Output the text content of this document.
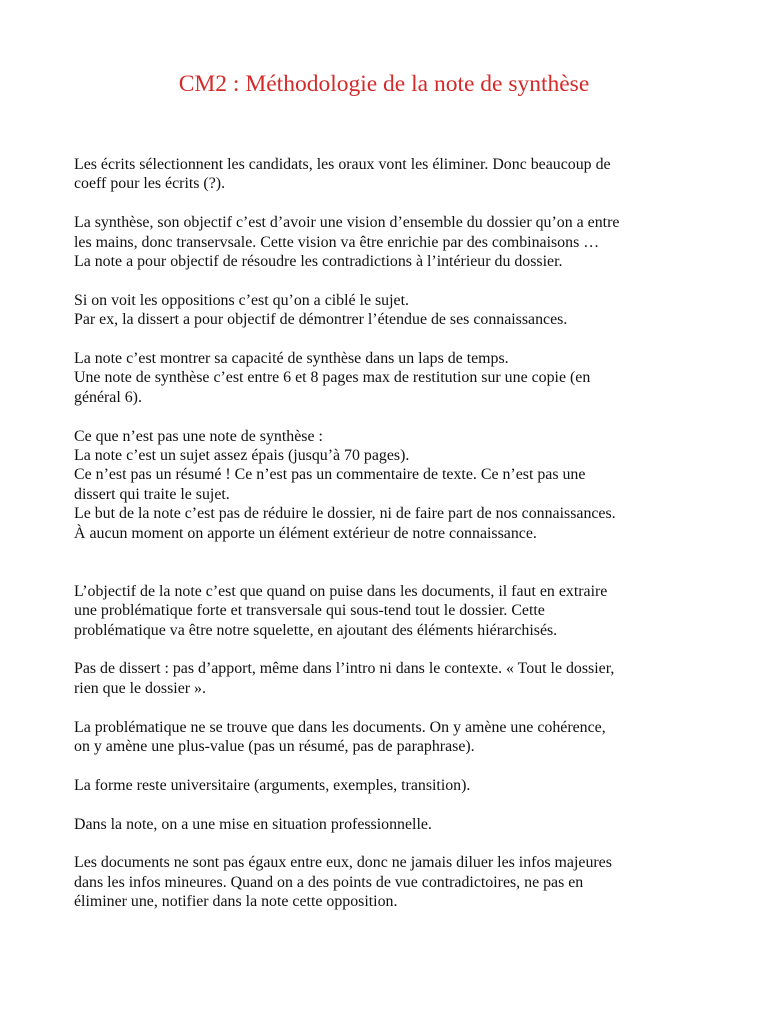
CM2 : Méthodologie de la note de synthèse

Les écrits sélectionnent les candidats, les oraux vont les éliminer. Donc beaucoup de
coeff pour les écrits (?).

La synthèse, son objectif c’est d’avoir une vision d’ensemble du dossier qu’on a entre
les mains, donc transervsale. Cette vision va être enrichie par des combinaisons …
La note a pour objectif de résoudre les contradictions à l’intérieur du dossier.

Si on voit les oppositions c’est qu’on a ciblé le sujet.
Par ex, la dissert a pour objectif de démontrer l’étendue de ses connaissances.

La note c’est montrer sa capacité de synthèse dans un laps de temps.
Une note de synthèse c’est entre 6 et 8 pages max de restitution sur une copie (en
général 6).

Ce que n’est pas une note de synthèse :
La note c’est un sujet assez épais (jusqu’à 70 pages).
Ce n’est pas un résumé ! Ce n’est pas un commentaire de texte. Ce n’est pas une
dissert qui traite le sujet.
Le but de la note c’est pas de réduire le dossier, ni de faire part de nos connaissances.
À aucun moment on apporte un élément extérieur de notre connaissance.

L’objectif de la note c’est que quand on puise dans les documents, il faut en extraire
une problématique forte et transversale qui sous-tend tout le dossier. Cette
problématique va être notre squelette, en ajoutant des éléments hiérarchisés.

Pas de dissert : pas d’apport, même dans l’intro ni dans le contexte. « Tout le dossier,
rien que le dossier ».

La problématique ne se trouve que dans les documents. On y amène une cohérence,
on y amène une plus-value (pas un résumé, pas de paraphrase).

La forme reste universitaire (arguments, exemples, transition).

Dans la note, on a une mise en situation professionnelle.

Les documents ne sont pas égaux entre eux, donc ne jamais diluer les infos majeures
dans les infos mineures. Quand on a des points de vue contradictoires, ne pas en
éliminer une, notifier dans la note cette opposition.
